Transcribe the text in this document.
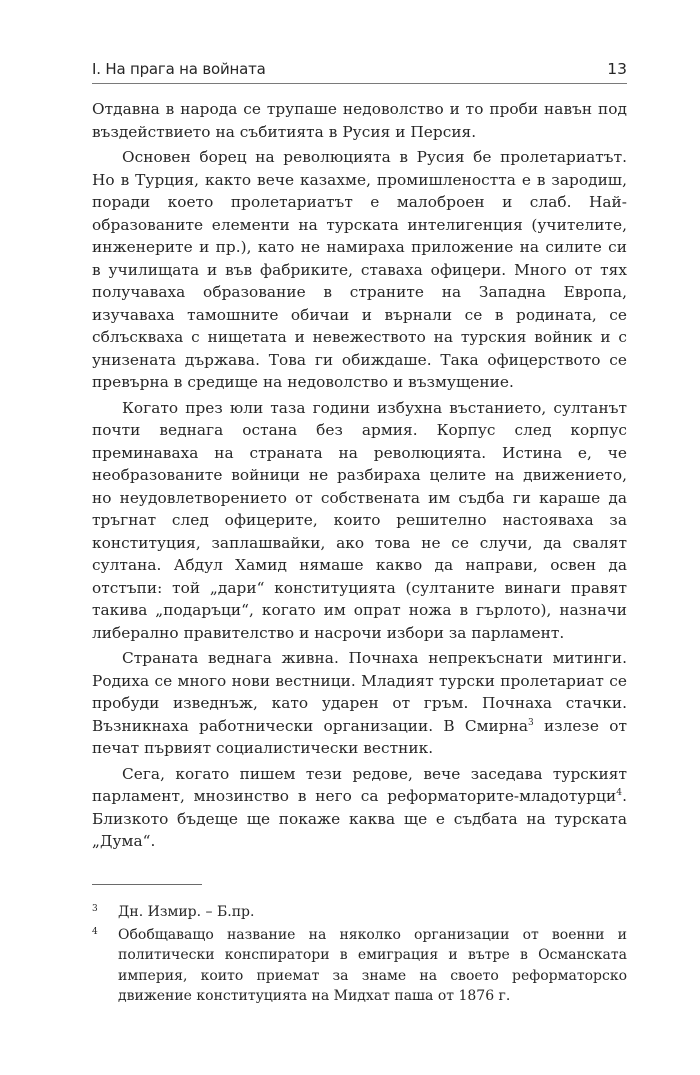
I. На прага на войната	13

Отдавна в народа се трупаше недоволство и то проби навън под въздействието на събитията в Русия и Персия.

Основен борец на революцията в Русия бе пролетариатът. Но в Турция, както вече казахме, промишлеността е в зародиш, поради което пролетариатът е малоброен и слаб. Най-образованите елементи на турската интелигенция (учителите, инженерите и пр.), като не намираха приложение на силите си в училищата и във фабриките, ставаха офицери. Много от тях получаваха образование в страните на Западна Европа, изучаваха тамошните обичаи и върнали се в родината, се сблъскваха с нищетата и невежеството на турския войник и с унизената държава. Това ги обиждаше. Така офицерството се превърна в средище на недоволство и възмущение.

Когато през юли таза години избухна въстанието, султанът почти веднага остана без армия. Корпус след корпус преминаваха на страната на революцията. Истина е, че необразованите войници не разбираха целите на движението, но неудовлетворението от собствената им съдба ги караше да тръгнат след офицерите, които решително настояваха за конституция, заплашвайки, ако това не се случи, да свалят султана. Абдул Хамид нямаше какво да направи, освен да отстъпи: той „дари“ конституцията (султаните винаги правят такива „подаръци“, когато им опрат ножа в гърлото), назначи либерално правителство и насрочи избори за парламент.

Страната веднага живна. Почнаха непрекъснати митинги. Родиха се много нови вестници. Младият турски пролетариат се пробуди изведнъж, като ударен от гръм. Почнаха стачки. Възникнаха работнически организации. В Смирна$^3$ излезе от печат първият социалистически вестник.

Сега, когато пишем тези редове, вече заседава турският парламент, мнозинство в него са реформаторите-младотурци$^4$. Близкото бъдеще ще покаже каква ще е съдбата на турската „Дума“.

3 Дн. Измир. – Б.пр.
4 Обобщаващо название на няколко организации от военни и политически конспиратори в емиграция и вътре в Османската империя, които приемат за знаме на своето реформаторско движение конституцията на Мидхат паша от 1876 г.
